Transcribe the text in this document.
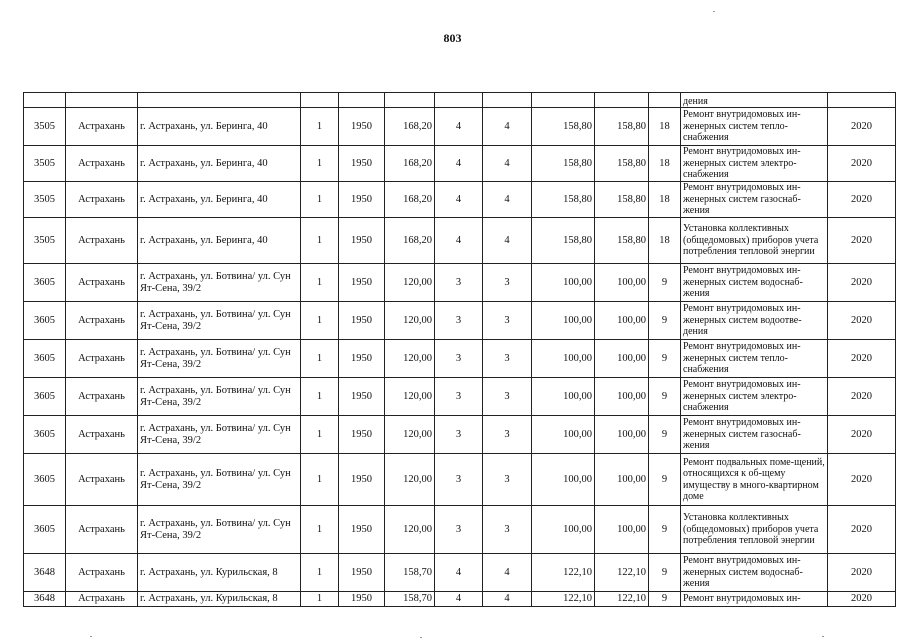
803
											дения	
3505	Астрахань	г. Астрахань, ул. Беринга, 40	1	1950	168,20	4	4	158,80	158,80	18	Ремонт внутридомовых ин-женерных систем тепло-снабжения	2020
3505	Астрахань	г. Астрахань, ул. Беринга, 40	1	1950	168,20	4	4	158,80	158,80	18	Ремонт внутридомовых ин-женерных систем электро-снабжения	2020
3505	Астрахань	г. Астрахань, ул. Беринга, 40	1	1950	168,20	4	4	158,80	158,80	18	Ремонт внутридомовых ин-женерных систем газоснаб-жения	2020
3505	Астрахань	г. Астрахань, ул. Беринга, 40	1	1950	168,20	4	4	158,80	158,80	18	Установка коллективных (общедомовых) приборов учета потребления тепловой энергии	2020
3605	Астрахань	г. Астрахань, ул. Ботвина/ ул. Сун Ят-Сена, 39/2	1	1950	120,00	3	3	100,00	100,00	9	Ремонт внутридомовых ин-женерных систем водоснаб-жения	2020
3605	Астрахань	г. Астрахань, ул. Ботвина/ ул. Сун Ят-Сена, 39/2	1	1950	120,00	3	3	100,00	100,00	9	Ремонт внутридомовых ин-женерных систем водоотве-дения	2020
3605	Астрахань	г. Астрахань, ул. Ботвина/ ул. Сун Ят-Сена, 39/2	1	1950	120,00	3	3	100,00	100,00	9	Ремонт внутридомовых ин-женерных систем тепло-снабжения	2020
3605	Астрахань	г. Астрахань, ул. Ботвина/ ул. Сун Ят-Сена, 39/2	1	1950	120,00	3	3	100,00	100,00	9	Ремонт внутридомовых ин-женерных систем электро-снабжения	2020
3605	Астрахань	г. Астрахань, ул. Ботвина/ ул. Сун Ят-Сена, 39/2	1	1950	120,00	3	3	100,00	100,00	9	Ремонт внутридомовых ин-женерных систем газоснаб-жения	2020
3605	Астрахань	г. Астрахань, ул. Ботвина/ ул. Сун Ят-Сена, 39/2	1	1950	120,00	3	3	100,00	100,00	9	Ремонт подвальных поме-щений, относящихся к об-щему имуществу в много-квартирном доме	2020
3605	Астрахань	г. Астрахань, ул. Ботвина/ ул. Сун Ят-Сена, 39/2	1	1950	120,00	3	3	100,00	100,00	9	Установка коллективных (общедомовых) приборов учета потребления тепловой энергии	2020
3648	Астрахань	г. Астрахань, ул. Курильская, 8	1	1950	158,70	4	4	122,10	122,10	9	Ремонт внутридомовых ин-женерных систем водоснаб-жения	2020
3648	Астрахань	г. Астрахань, ул. Курильская, 8	1	1950	158,70	4	4	122,10	122,10	9	Ремонт внутридомовых ин-	2020
